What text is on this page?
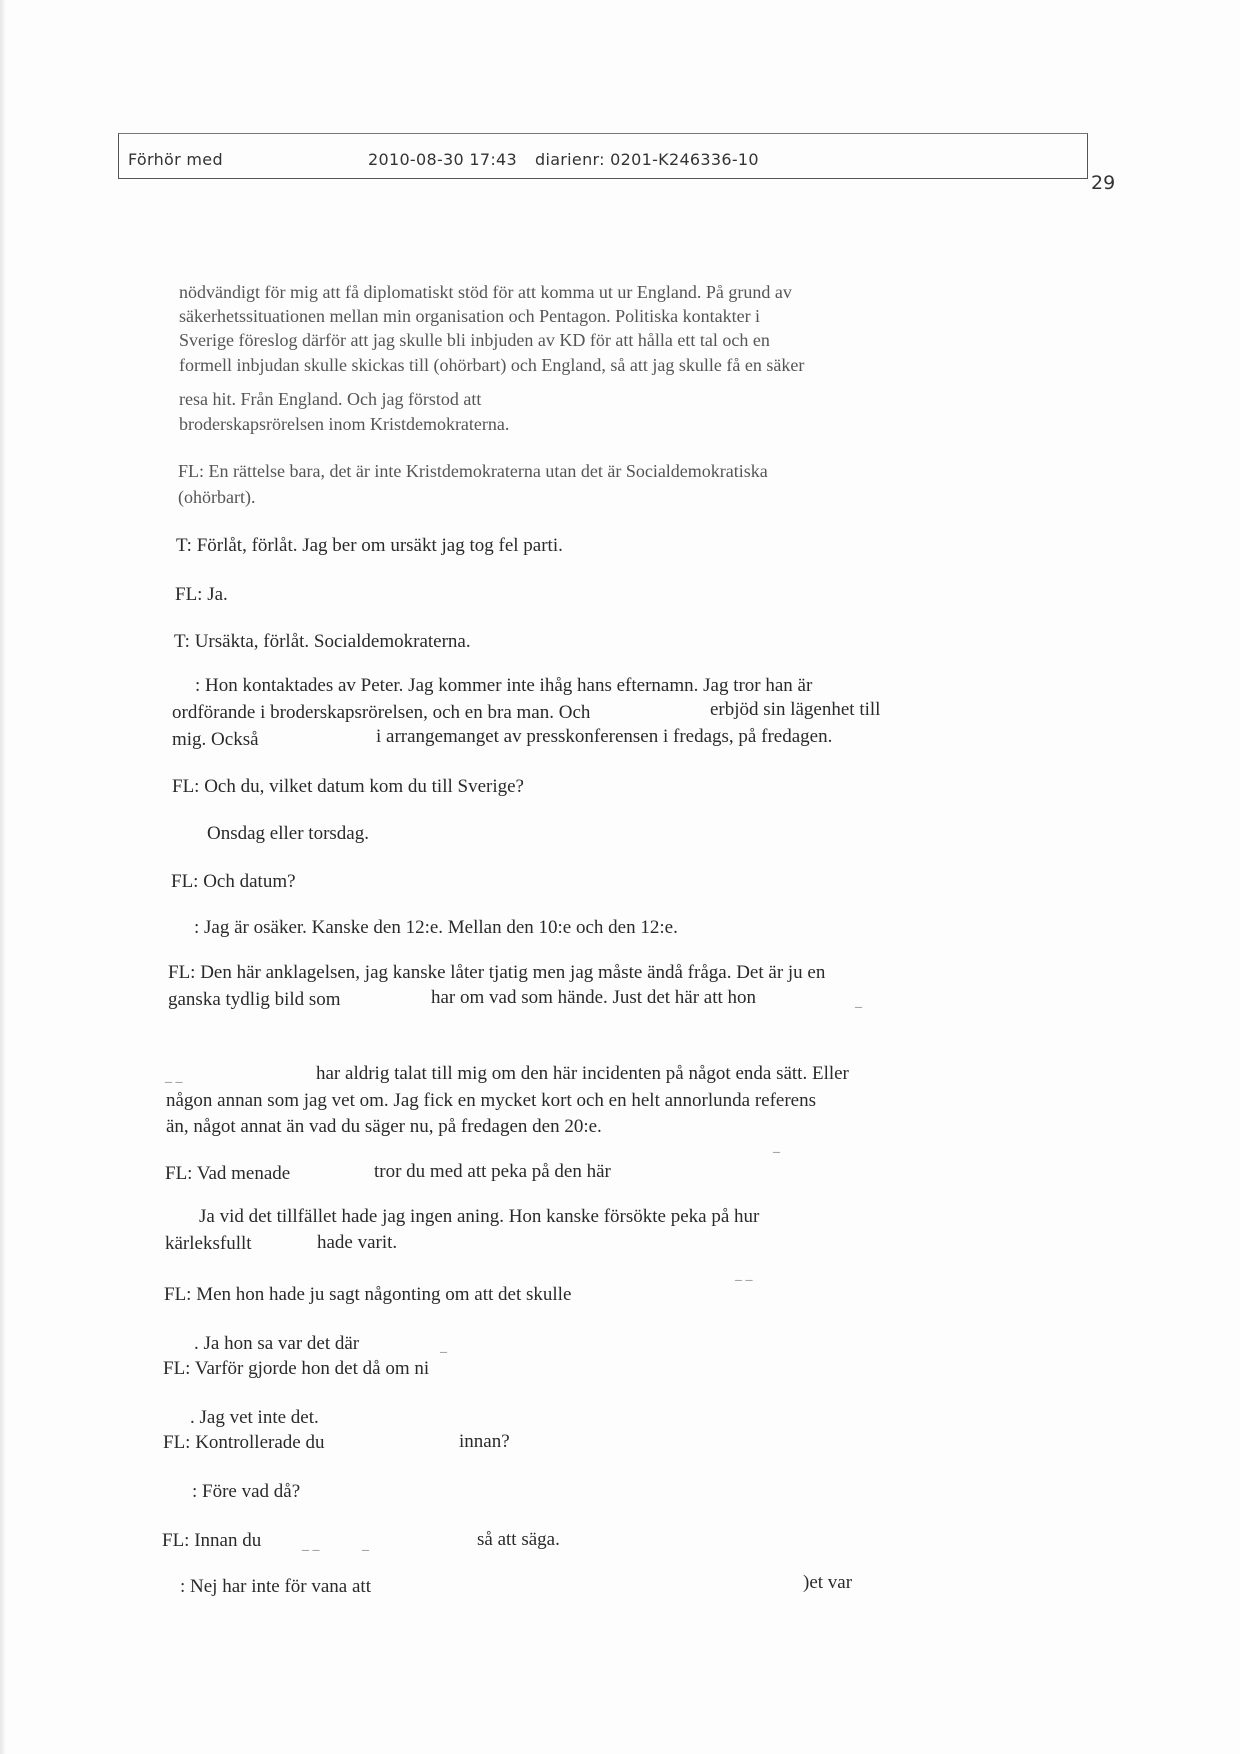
Förhör med	2010-08-30 17:43 diarienr: 0201-K246336-10
29
nödvändigt för mig att få diplomatiskt stöd för att komma ut ur England. På grund av
säkerhetssituationen mellan min organisation och Pentagon. Politiska kontakter i
Sverige föreslog därför att jag skulle bli inbjuden av KD för att hålla ett tal och en
formell inbjudan skulle skickas till (ohörbart) och England, så att jag skulle få en säker
resa hit. Från England. Och jag förstod att
broderskapsrörelsen inom Kristdemokraterna.
FL: En rättelse bara, det är inte Kristdemokraterna utan det är Socialdemokratiska
(ohörbart).
T: Förlåt, förlåt. Jag ber om ursäkt jag tog fel parti.
FL: Ja.
T: Ursäkta, förlåt. Socialdemokraterna.
: Hon kontaktades av Peter. Jag kommer inte ihåg hans efternamn. Jag tror han är
ordförande i broderskapsrörelsen, och en bra man. Och	erbjöd sin lägenhet till
mig. Också	i arrangemanget av presskonferensen i fredags, på fredagen.
FL: Och du, vilket datum kom du till Sverige?
Onsdag eller torsdag.
FL: Och datum?
: Jag är osäker. Kanske den 12:e. Mellan den 10:e och den 12:e.
FL: Den här anklagelsen, jag kanske låter tjatig men jag måste ändå fråga. Det är ju en
ganska tydlig bild som	har om vad som hände. Just det här att hon
har aldrig talat till mig om den här incidenten på något enda sätt. Eller
någon annan som jag vet om. Jag fick en mycket kort och en helt annorlunda referens
än, något annat än vad du säger nu, på fredagen den 20:e.
FL: Vad menade	tror du med att peka på den här
Ja vid det tillfället hade jag ingen aning. Hon kanske försökte peka på hur
kärleksfullt	hade varit.
FL: Men hon hade ju sagt någonting om att det skulle
. Ja hon sa var det där
FL: Varför gjorde hon det då om ni
. Jag vet inte det.
FL: Kontrollerade du	innan?
: Före vad då?
FL: Innan du	så att säga.
: Nej har inte för vana att	)et var
_ _
_
_
_ _
_
_ _	_
